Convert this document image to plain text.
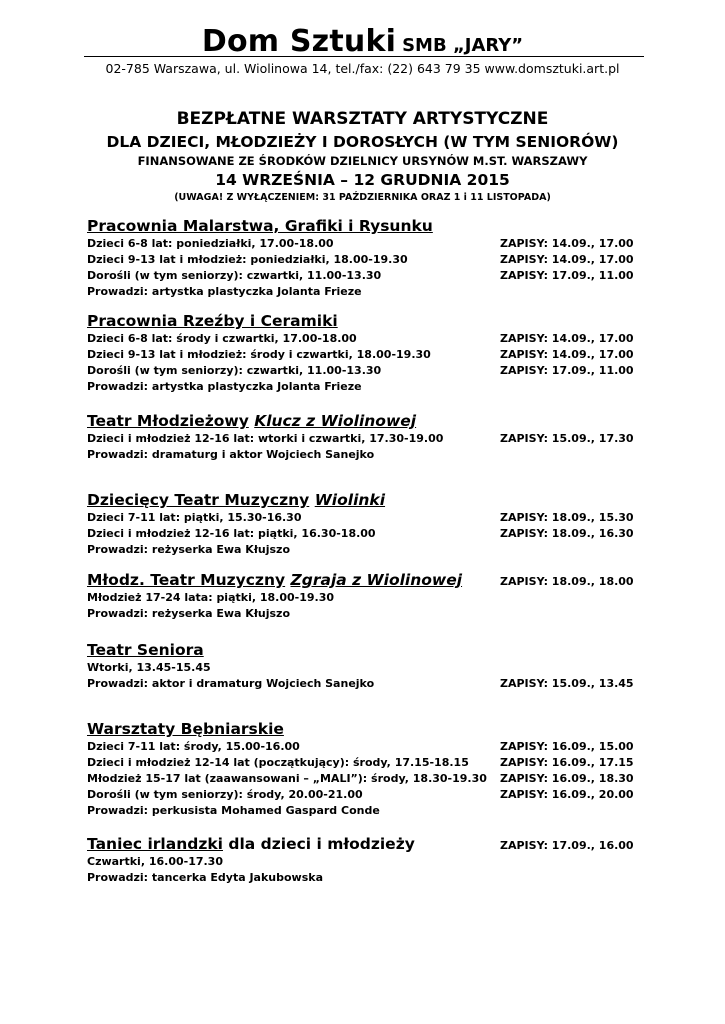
Dom Sztuki SMB „JARY”
02-785 Warszawa, ul. Wiolinowa 14, tel./fax: (22) 643 79 35 www.domsztuki.art.pl
BEZPŁATNE WARSZTATY ARTYSTYCZNE
DLA DZIECI, MŁODZIEŻY I DOROSŁYCH (W TYM SENIORÓW)
FINANSOWANE ZE ŚRODKÓW DZIELNICY URSYNÓW M.ST. WARSZAWY
14 WRZEŚNIA – 12 GRUDNIA 2015
(UWAGA! Z WYŁĄCZENIEM: 31 PAŹDZIERNIKA ORAZ 1 i 11 LISTOPADA)
Pracownia Malarstwa, Grafiki i Rysunku
Dzieci 6-8 lat: poniedziałki, 17.00-18.00	ZAPISY: 14.09., 17.00
Dzieci 9-13 lat i młodzież: poniedziałki, 18.00-19.30	ZAPISY: 14.09., 17.00
Dorośli (w tym seniorzy): czwartki, 11.00-13.30	ZAPISY: 17.09., 11.00
Prowadzi: artystka plastyczka Jolanta Frieze
Pracownia Rzeźby i Ceramiki
Dzieci 6-8 lat: środy i czwartki, 17.00-18.00	ZAPISY: 14.09., 17.00
Dzieci 9-13 lat i młodzież: środy i czwartki, 18.00-19.30	ZAPISY: 14.09., 17.00
Dorośli (w tym seniorzy): czwartki, 11.00-13.30	ZAPISY: 17.09., 11.00
Prowadzi: artystka plastyczka Jolanta Frieze
Teatr Młodzieżowy Klucz z Wiolinowej
Dzieci i młodzież 12-16 lat: wtorki i czwartki, 17.30-19.00	ZAPISY: 15.09., 17.30
Prowadzi: dramaturg i aktor Wojciech Sanejko
Dziecięcy Teatr Muzyczny Wiolinki
Dzieci 7-11 lat: piątki, 15.30-16.30	ZAPISY: 18.09., 15.30
Dzieci i młodzież 12-16 lat: piątki, 16.30-18.00	ZAPISY: 18.09., 16.30
Prowadzi: reżyserka Ewa Kłujszo
Młodz. Teatr Muzyczny Zgraja z Wiolinowej	ZAPISY: 18.09., 18.00
Młodzież 17-24 lata: piątki, 18.00-19.30
Prowadzi: reżyserka Ewa Kłujszo
Teatr Seniora
Wtorki, 13.45-15.45
Prowadzi: aktor i dramaturg Wojciech Sanejko	ZAPISY: 15.09., 13.45
Warsztaty Bębniarskie
Dzieci 7-11 lat: środy, 15.00-16.00	ZAPISY: 16.09., 15.00
Dzieci i młodzież 12-14 lat (początkujący): środy, 17.15-18.15	ZAPISY: 16.09., 17.15
Młodzież 15-17 lat (zaawansowani – „MALI”): środy, 18.30-19.30 ZAPISY: 16.09., 18.30
Dorośli (w tym seniorzy): środy, 20.00-21.00	ZAPISY: 16.09., 20.00
Prowadzi: perkusista Mohamed Gaspard Conde
Taniec irlandzki dla dzieci i młodzieży	ZAPISY: 17.09., 16.00
Czwartki, 16.00-17.30
Prowadzi: tancerka Edyta Jakubowska
